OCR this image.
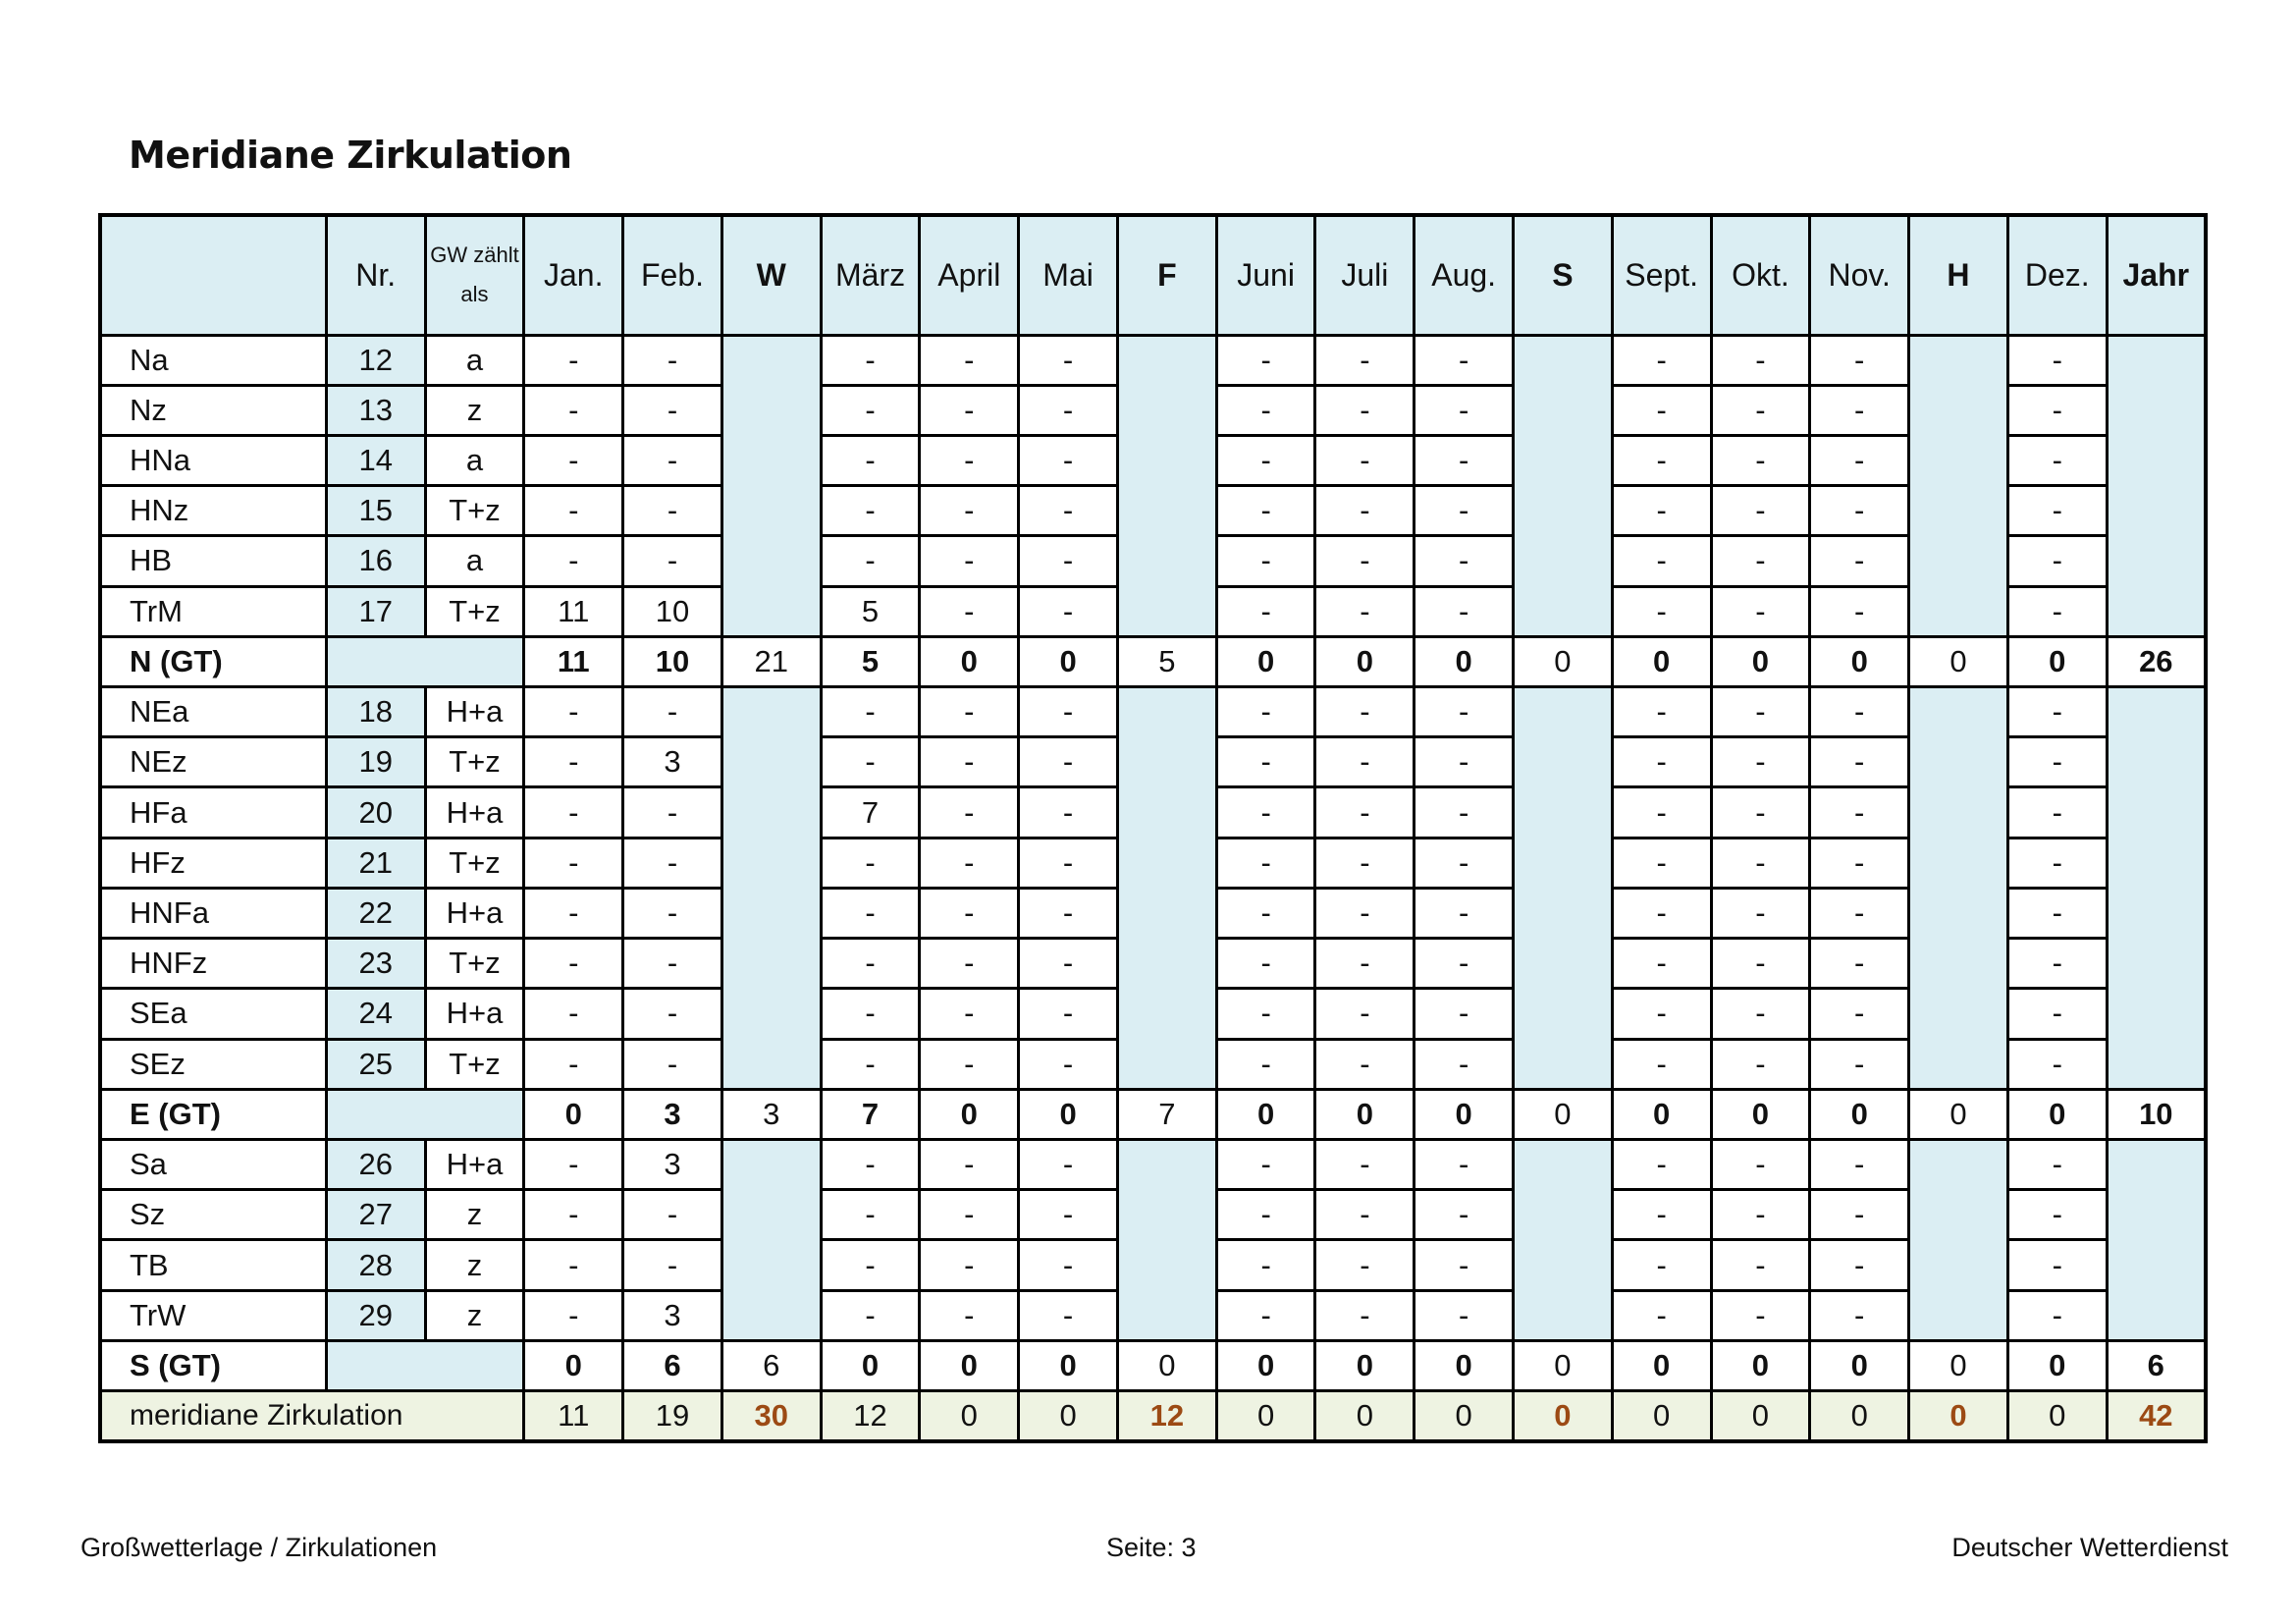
Meridiane Zirkulation
	Nr.	GW zählt als	Jan.	Feb.	W	März	April	Mai	F	Juni	Juli	Aug.	S	Sept.	Okt.	Nov.	H	Dez.	Jahr
Na	12	a	-	-		-	-	-		-	-	-		-	-	-		-	
Nz	13	z	-	-		-	-	-		-	-	-		-	-	-		-	
HNa	14	a	-	-		-	-	-		-	-	-		-	-	-		-	
HNz	15	T+z	-	-		-	-	-		-	-	-		-	-	-		-	
HB	16	a	-	-		-	-	-		-	-	-		-	-	-		-	
TrM	17	T+z	11	10		5	-	-		-	-	-		-	-	-		-	
N (GT)			11	10	21	5	0	0	5	0	0	0	0	0	0	0	0	0	26
NEa	18	H+a	-	-		-	-	-		-	-	-		-	-	-		-	
NEz	19	T+z	-	3		-	-	-		-	-	-		-	-	-		-	
HFa	20	H+a	-	-		7	-	-		-	-	-		-	-	-		-	
HFz	21	T+z	-	-		-	-	-		-	-	-		-	-	-		-	
HNFa	22	H+a	-	-		-	-	-		-	-	-		-	-	-		-	
HNFz	23	T+z	-	-		-	-	-		-	-	-		-	-	-		-	
SEa	24	H+a	-	-		-	-	-		-	-	-		-	-	-		-	
SEz	25	T+z	-	-		-	-	-		-	-	-		-	-	-		-	
E (GT)			0	3	3	7	0	0	7	0	0	0	0	0	0	0	0	0	10
Sa	26	H+a	-	3		-	-	-		-	-	-		-	-	-		-	
Sz	27	z	-	-		-	-	-		-	-	-		-	-	-		-	
TB	28	z	-	-		-	-	-		-	-	-		-	-	-		-	
TrW	29	z	-	3		-	-	-		-	-	-		-	-	-		-	
S (GT)			0	6	6	0	0	0	0	0	0	0	0	0	0	0	0	0	6
meridiane Zirkulation			11	19	30	12	0	0	12	0	0	0	0	0	0	0	0	0	42

Großwetterlage / Zirkulationen	Seite: 3	Deutscher Wetterdienst
